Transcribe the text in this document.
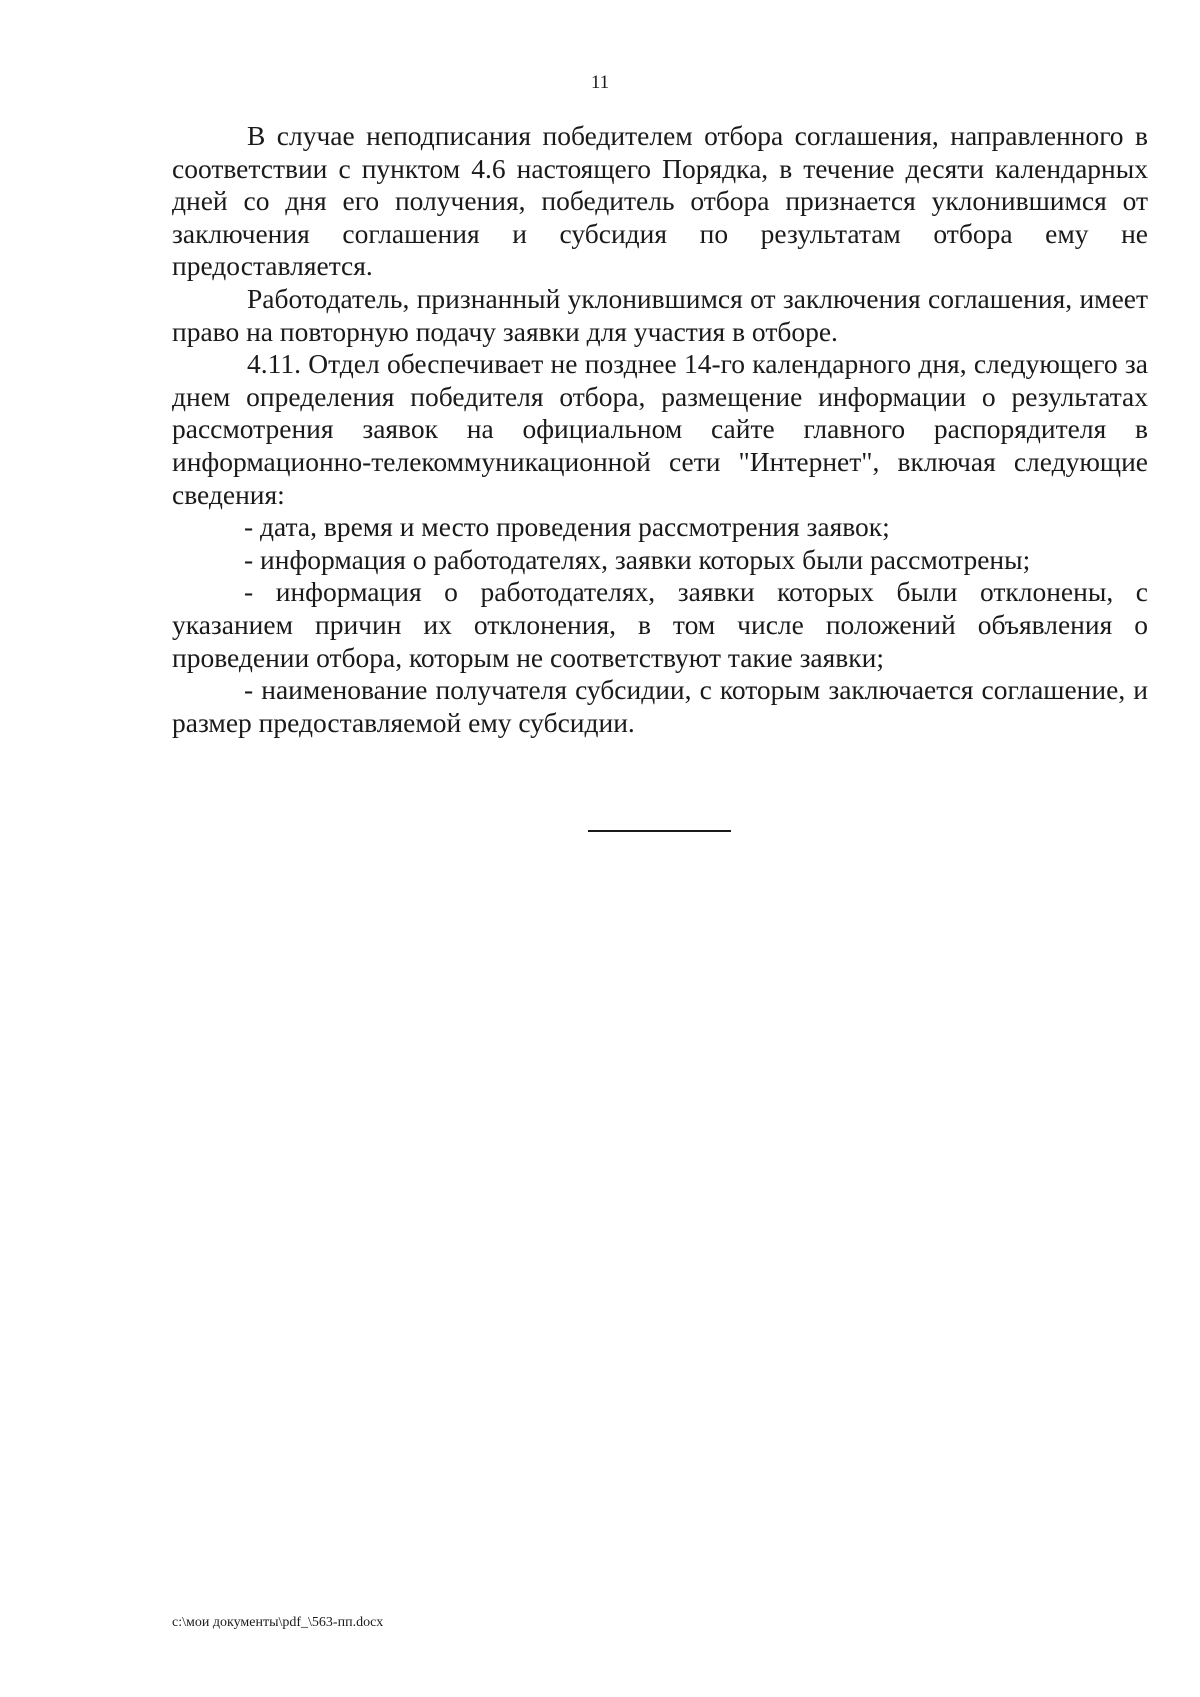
11

В случае неподписания победителем отбора соглашения, направленного в соответствии с пунктом 4.6 настоящего Порядка, в течение десяти календарных дней со дня его получения, победитель отбора признается уклонившимся от заключения соглашения и субсидия по результатам отбора ему не предоставляется.

Работодатель, признанный уклонившимся от заключения соглашения, имеет право на повторную подачу заявки для участия в отборе.

4.11. Отдел обеспечивает не позднее 14-го календарного дня, следующего за днем определения победителя отбора, размещение информации о результатах рассмотрения заявок на официальном сайте главного распорядителя в информационно-телекоммуникационной сети "Интернет", включая следующие сведения:

- дата, время и место проведения рассмотрения заявок;

- информация о работодателях, заявки которых были рассмотрены;

- информация о работодателях, заявки которых были отклонены, с указанием причин их отклонения, в том числе положений объявления о проведении отбора, которым не соответствуют такие заявки;

- наименование получателя субсидии, с которым заключается соглашение, и размер предоставляемой ему субсидии.

c:\мои документы\pdf_\563-пп.docx
